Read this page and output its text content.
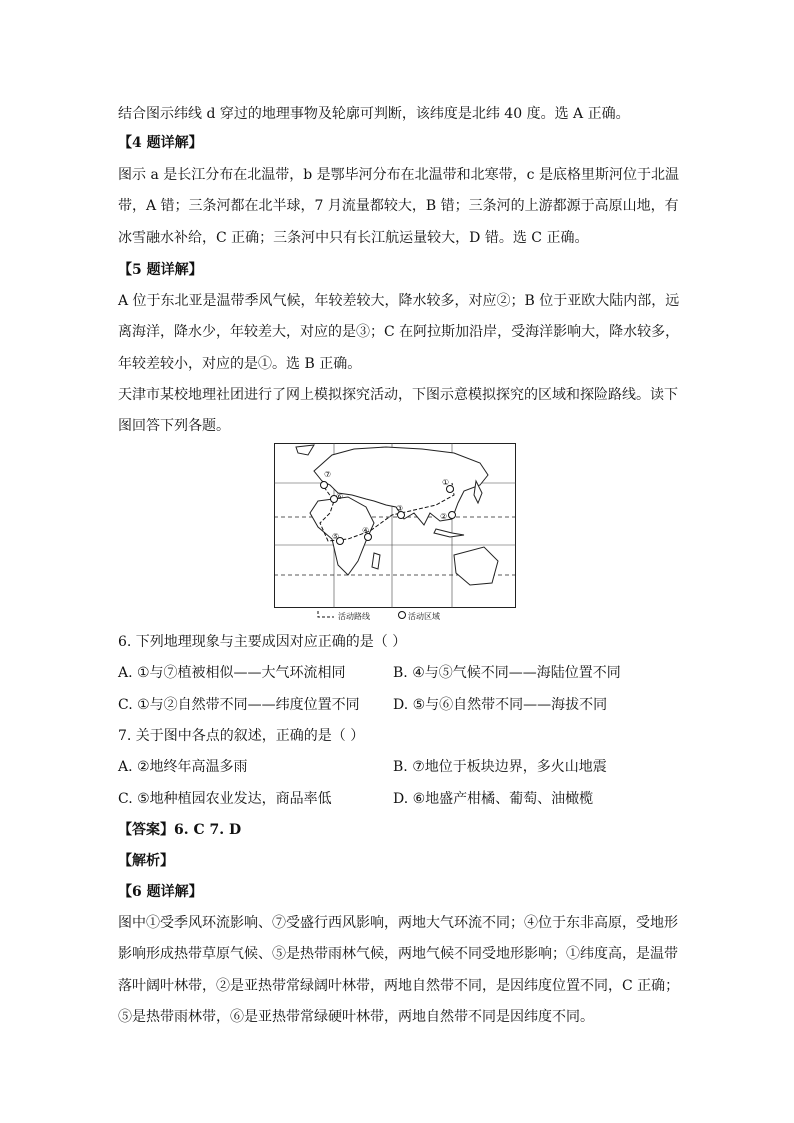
结合图示纬线 d 穿过的地理事物及轮廓可判断，该纬度是北纬 40 度。选 A 正确。
【4 题详解】
图示 a 是长江分布在北温带，b 是鄂毕河分布在北温带和北寒带，c 是底格里斯河位于北温
带，A 错；三条河都在北半球，7 月流量都较大，B 错；三条河的上游都源于高原山地，有
冰雪融水补给，C 正确；三条河中只有长江航运量较大，D 错。选 C 正确。
【5 题详解】
A 位于东北亚是温带季风气候，年较差较大，降水较多，对应②；B 位于亚欧大陆内部，远
离海洋，降水少，年较差大，对应的是③；C 在阿拉斯加沿岸，受海洋影响大，降水较多，
年较差较小，对应的是①。选 B 正确。
天津市某校地理社团进行了网上模拟探究活动，下图示意模拟探究的区域和探险路线。读下
图回答下列各题。
①
②
③
④
⑤
⑥
⑦
活动路线	活动区域
6. 下列地理现象与主要成因对应正确的是（ ）
A. ①与⑦植被相似——大气环流相同	B. ④与⑤气候不同——海陆位置不同
C. ①与②自然带不同——纬度位置不同 D. ⑤与⑥自然带不同——海拔不同
7. 关于图中各点的叙述，正确的是（ ）
A. ②地终年高温多雨	B. ⑦地位于板块边界，多火山地震
C. ⑤地种植园农业发达，商品率低	D. ⑥地盛产柑橘、葡萄、油橄榄
【答案】6. C 7. D
【解析】
【6 题详解】
图中①受季风环流影响、⑦受盛行西风影响，两地大气环流不同；④位于东非高原，受地形
影响形成热带草原气候、⑤是热带雨林气候，两地气候不同受地形影响；①纬度高，是温带
落叶阔叶林带，②是亚热带常绿阔叶林带，两地自然带不同，是因纬度位置不同，C 正确；
⑤是热带雨林带，⑥是亚热带常绿硬叶林带，两地自然带不同是因纬度不同。
